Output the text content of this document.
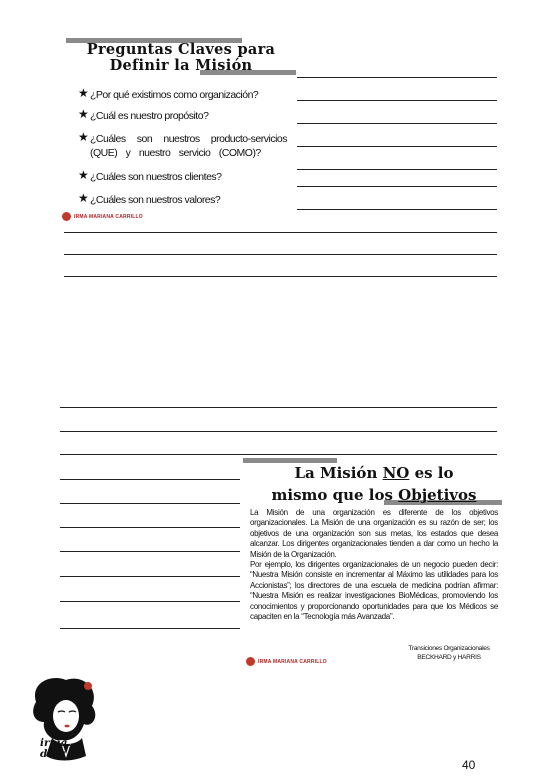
Preguntas Claves para
Definir la Misión
★ ¿Por qué existimos como organización?
★ ¿Cuál es nuestro propósito?
★ ¿Cuáles son nuestros producto-servicios (QUE) y nuestro servicio (COMO)?
★ ¿Cuáles son nuestros clientes?
★ ¿Cuáles son nuestros valores?
IRMA MARIANA CARRILLO
La Misión NO es lo
mismo que los Objetivos

La Misión de una organización es diferente de los objetivos organizacionales. La Misión de una organización es su razón de ser; los objetivos de una organización son sus metas, los estados que desea alcanzar. Los dirigentes organizacionales tienden a dar como un hecho la Misión de la Organización.

Por ejemplo, los dirigentes organizacionales de un negocio pueden decir: “Nuestra Misión consiste en incrementar al Máximo las utilidades para los Accionistas”; los directores de una escuela de medicina podrían afirmar: “Nuestra Misión es realizar investigaciones BioMédicas, promoviendo los conocimientos y proporcionando oportunidades para que los Médicos se capaciten en la “Tecnología más Avanzada”.

Transiciones Organizacionales
BECKHARD y HARRIS
IRMA MARIANA CARRILLO
irma.
delu
40
